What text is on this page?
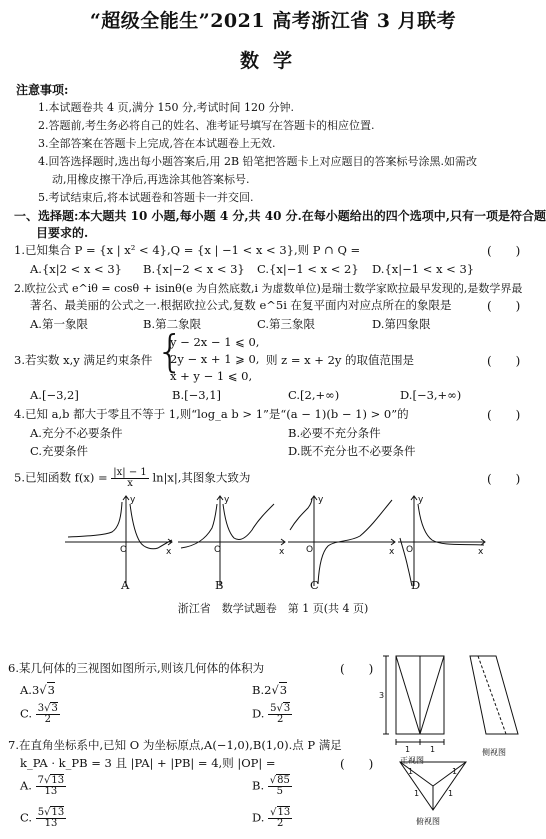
“超级全能生”2021 高考浙江省 3 月联考
数学
注意事项:
1.本试题卷共 4 页,满分 150 分,考试时间 120 分钟.
2.答题前,考生务必将自己的姓名、准考证号填写在答题卡的相应位置.
3.全部答案在答题卡上完成,答在本试题卷上无效.
4.回答选择题时,选出每小题答案后,用 2B 铅笔把答题卡上对应题目的答案标号涂黑.如需改
动,用橡皮擦干净后,再选涂其他答案标号.
5.考试结束后,将本试题卷和答题卡一并交回.
一、选择题:本大题共 10 小题,每小题 4 分,共 40 分.在每小题给出的四个选项中,只有一项是符合题
目要求的.
1.已知集合 P = {x | x² < 4},Q = {x | −1 < x < 3},则 P ∩ Q =	(　　)
A.{x|2 < x < 3} B.{x|−2 < x < 3} C.{x|−1 < x < 2} D.{x|−1 < x < 3}
2.欧拉公式 e^iθ = cosθ + isinθ(e 为自然底数,i 为虚数单位)是瑞士数学家欧拉最早发现的,是数学界最
著名、最美丽的公式之一.根据欧拉公式,复数 e^5i 在复平面内对应点所在的象限是	(　　)
A.第一象限	B.第二象限	C.第三象限	D.第四象限
3.若实数 x,y 满足约束条件 {
y − 2x − 1 ⩽ 0,
2y − x + 1 ⩾ 0,
x + y − 1 ⩽ 0,
则 z = x + 2y 的取值范围是	(　　)
A.[−3,2]	B.[−3,1]	C.[2,+∞)	D.[−3,+∞)
4.已知 a,b 都大于零且不等于 1,则“log_a b > 1”是“(a − 1)(b − 1) > 0”的	(　　)
A.充分不必要条件	B.必要不充分条件
C.充要条件	D.既不充分也不必要条件
5.已知函数 $f(x) = \frac{|x| - 1}{x} \ln|x|$,其图象大致为	(　　)
O	x
y
O	x
y
O	x
y
O	x
y
A	B	C	D
浙江省　数学试题卷　第 1 页(共 4 页)
6.某几何体的三视图如图所示,则该几何体的体积为	(　　)
A.3√3	B.2√3
C. $\frac{3√3}{2}$	D. $\frac{5√3}{2}$
7.在直角坐标系中,已知 O 为坐标原点,A(−1,0),B(1,0).点 P 满足
k_PA · k_PB = 3 且 |PA| + |PB| = 4,则 |OP| =	(　　)
A. $\frac{7√13}{13}$	B. $\frac{√85}{5}$
C. $\frac{5√13}{13}$	D. $\frac{√13}{2}$
3
1 1
正视图
侧视图
1	1
1	1
俯视图
